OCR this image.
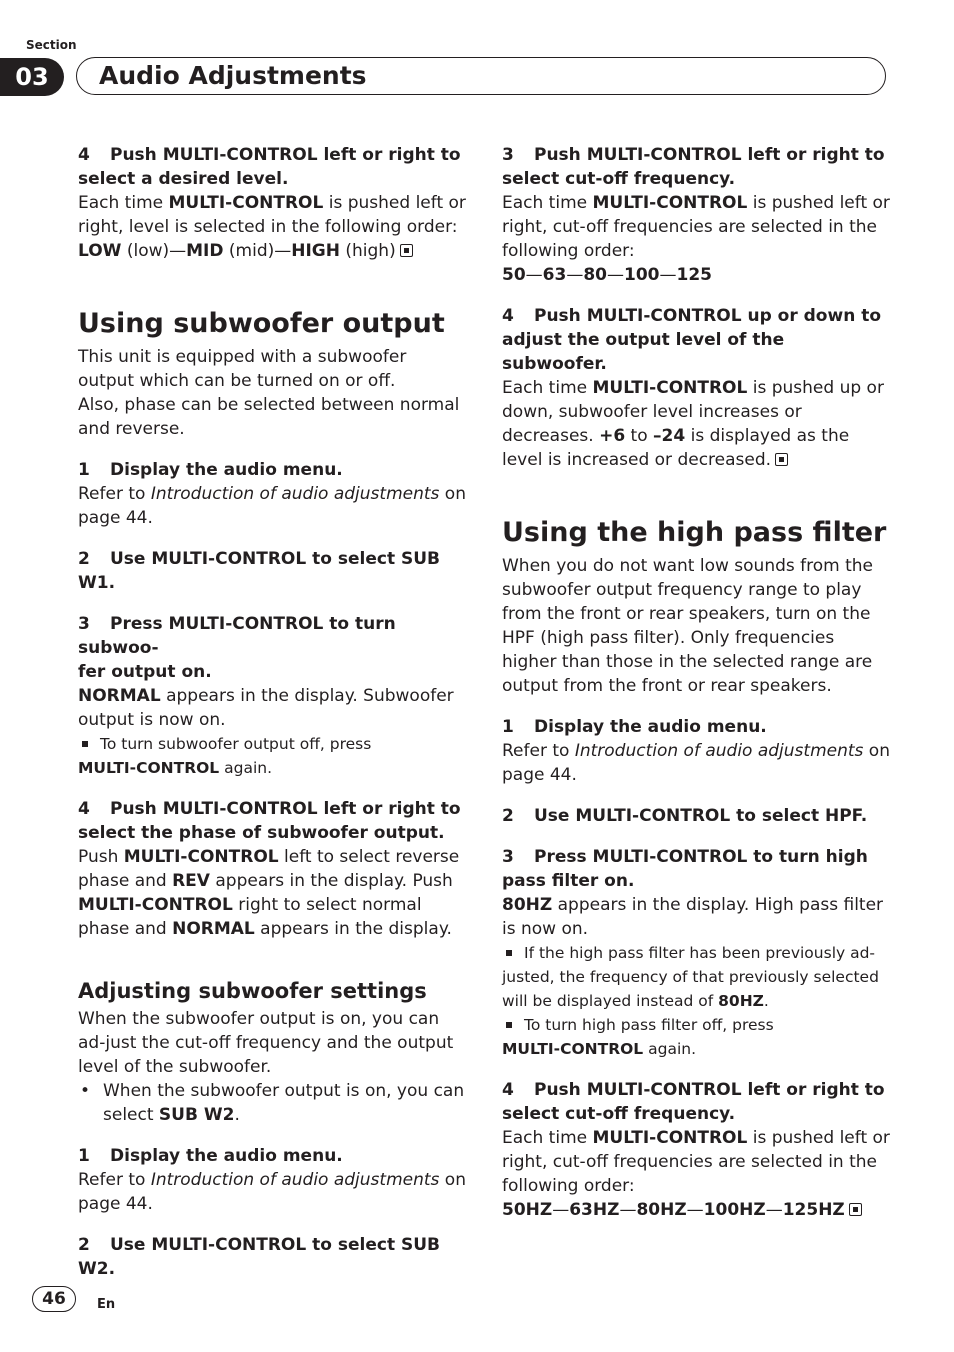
Section
03	Audio Adjustments
4 Push MULTI-CONTROL left or right to
select a desired level.

Each time MULTI-CONTROL is pushed left or right, level is selected in the following order:
LOW (low)—MID (mid)—HIGH (high)

Using subwoofer output

This unit is equipped with a subwoofer output which can be turned on or off.

Also, phase can be selected between normal and reverse.

1 Display the audio menu.

Refer to Introduction of audio adjustments on page 44.

2 Use MULTI-CONTROL to select SUB W1.
3 Press MULTI-CONTROL to turn subwoo-
fer output on.

NORMAL appears in the display. Subwoofer output is now on.

To turn subwoofer output off, press
MULTI-CONTROL again.
4 Push MULTI-CONTROL left or right to
select the phase of subwoofer output.

Push MULTI-CONTROL left to select reverse phase and REV appears in the display. Push MULTI-CONTROL right to select normal phase and NORMAL appears in the display.

Adjusting subwoofer settings

When the subwoofer output is on, you can ad-just the cut-off frequency and the output level of the subwoofer.

• When the subwoofer output is on, you can select SUB W2.
1 Display the audio menu.

Refer to Introduction of audio adjustments on page 44.

2 Use MULTI-CONTROL to select SUB W2.
3 Push MULTI-CONTROL left or right to
select cut-off frequency.

Each time MULTI-CONTROL is pushed left or right, cut-off frequencies are selected in the following order:
50—63—80—100—125

4 Push MULTI-CONTROL up or down to
adjust the output level of the subwoofer.

Each time MULTI-CONTROL is pushed up or down, subwoofer level increases or decreases. +6 to –24 is displayed as the level is increased or decreased.

Using the high pass filter

When you do not want low sounds from the subwoofer output frequency range to play from the front or rear speakers, turn on the HPF (high pass filter). Only frequencies higher than those in the selected range are output from the front or rear speakers.

1 Display the audio menu.

Refer to Introduction of audio adjustments on page 44.

2 Use MULTI-CONTROL to select HPF.
3 Press MULTI-CONTROL to turn high
pass filter on.

80HZ appears in the display. High pass filter is now on.

If the high pass filter has been previously ad-justed, the frequency of that previously selected will be displayed instead of 80HZ.
To turn high pass filter off, press
MULTI-CONTROL again.
4 Push MULTI-CONTROL left or right to
select cut-off frequency.

Each time MULTI-CONTROL is pushed left or right, cut-off frequencies are selected in the following order:
50HZ—63HZ—80HZ—100HZ—125HZ

46	En
